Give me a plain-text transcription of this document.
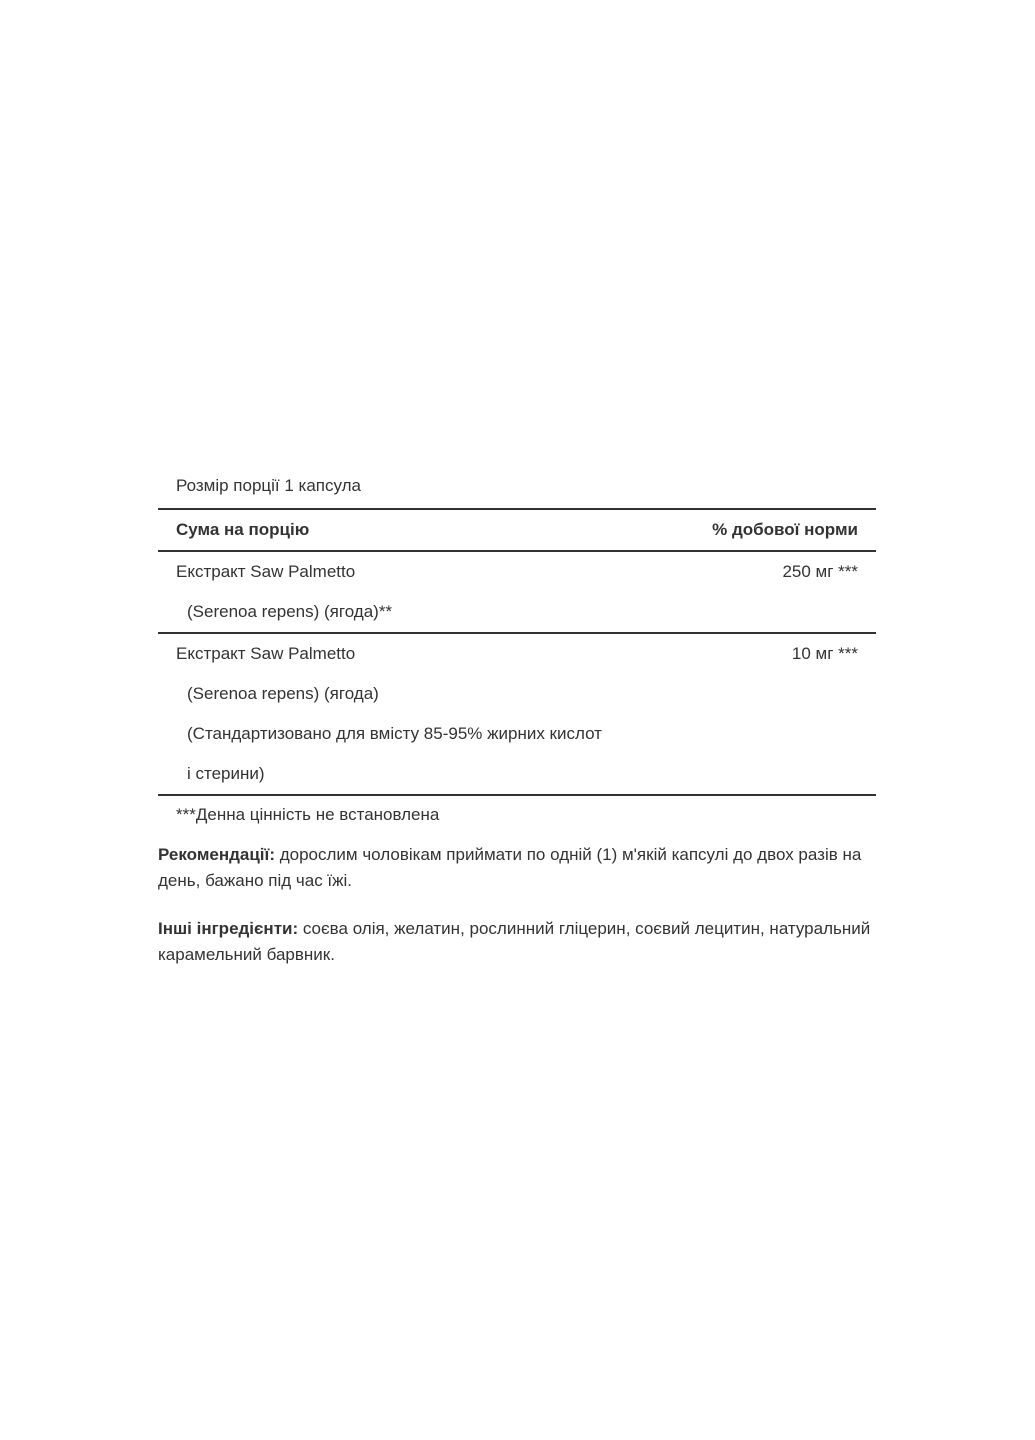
Розмір порції 1 капсула
Сума на порцію	% добової норми
Екстракт Saw Palmetto
(Serenoa repens) (ягода)**
250 мг ***
Екстракт Saw Palmetto
(Serenoa repens) (ягода)
(Стандартизовано для вмісту 85-95% жирних кислот
і стерини)
10 мг ***
***Денна цінність не встановлена
Рекомендації: дорослим чоловікам приймати по одній (1) м'якій капсулі до двох разів на день, бажано під час їжі.
Інші інгредієнти: соєва олія, желатин, рослинний гліцерин, соєвий лецитин, натуральний карамельний барвник.
